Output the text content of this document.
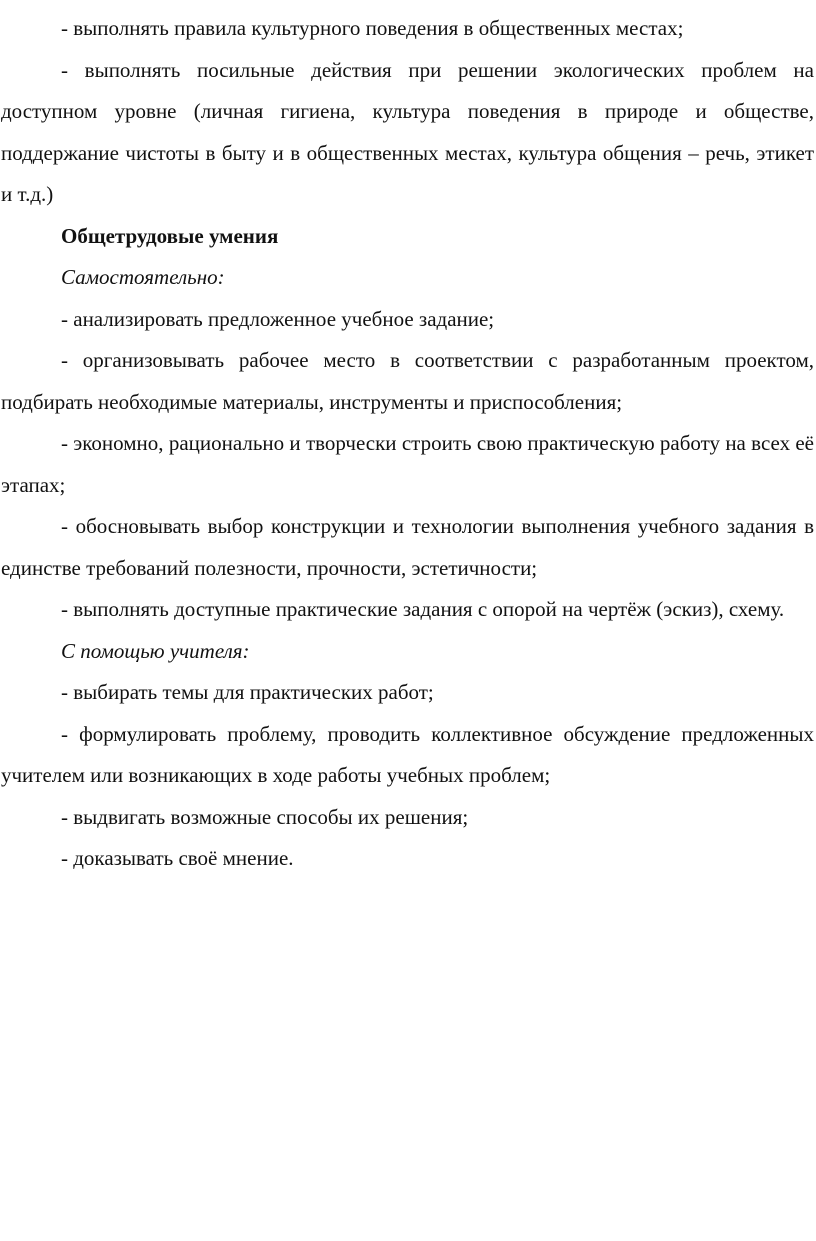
- выполнять правила культурного поведения в общественных местах;

- выполнять посильные действия при решении экологических проблем на доступном уровне (личная гигиена, культура поведения в природе и обществе, поддержание чистоты в быту и в общественных местах, культура общения – речь, этикет и т.д.)

Общетрудовые умения

Самостоятельно:

- анализировать предложенное учебное задание;

- организовывать рабочее место в соответствии с разработанным проектом, подбирать необходимые материалы, инструменты и приспособления;

- экономно, рационально и творчески строить свою практическую работу на всех её этапах;

- обосновывать выбор конструкции и технологии выполнения учебного задания в единстве требований полезности, прочности, эстетичности;

- выполнять доступные практические задания с опорой на чертёж (эскиз), схему.

С помощью учителя:

- выбирать темы для практических работ;

- формулировать проблему, проводить коллективное обсуждение предложенных учителем или возникающих в ходе работы учебных проблем;

- выдвигать возможные способы их решения;

- доказывать своё мнение.
